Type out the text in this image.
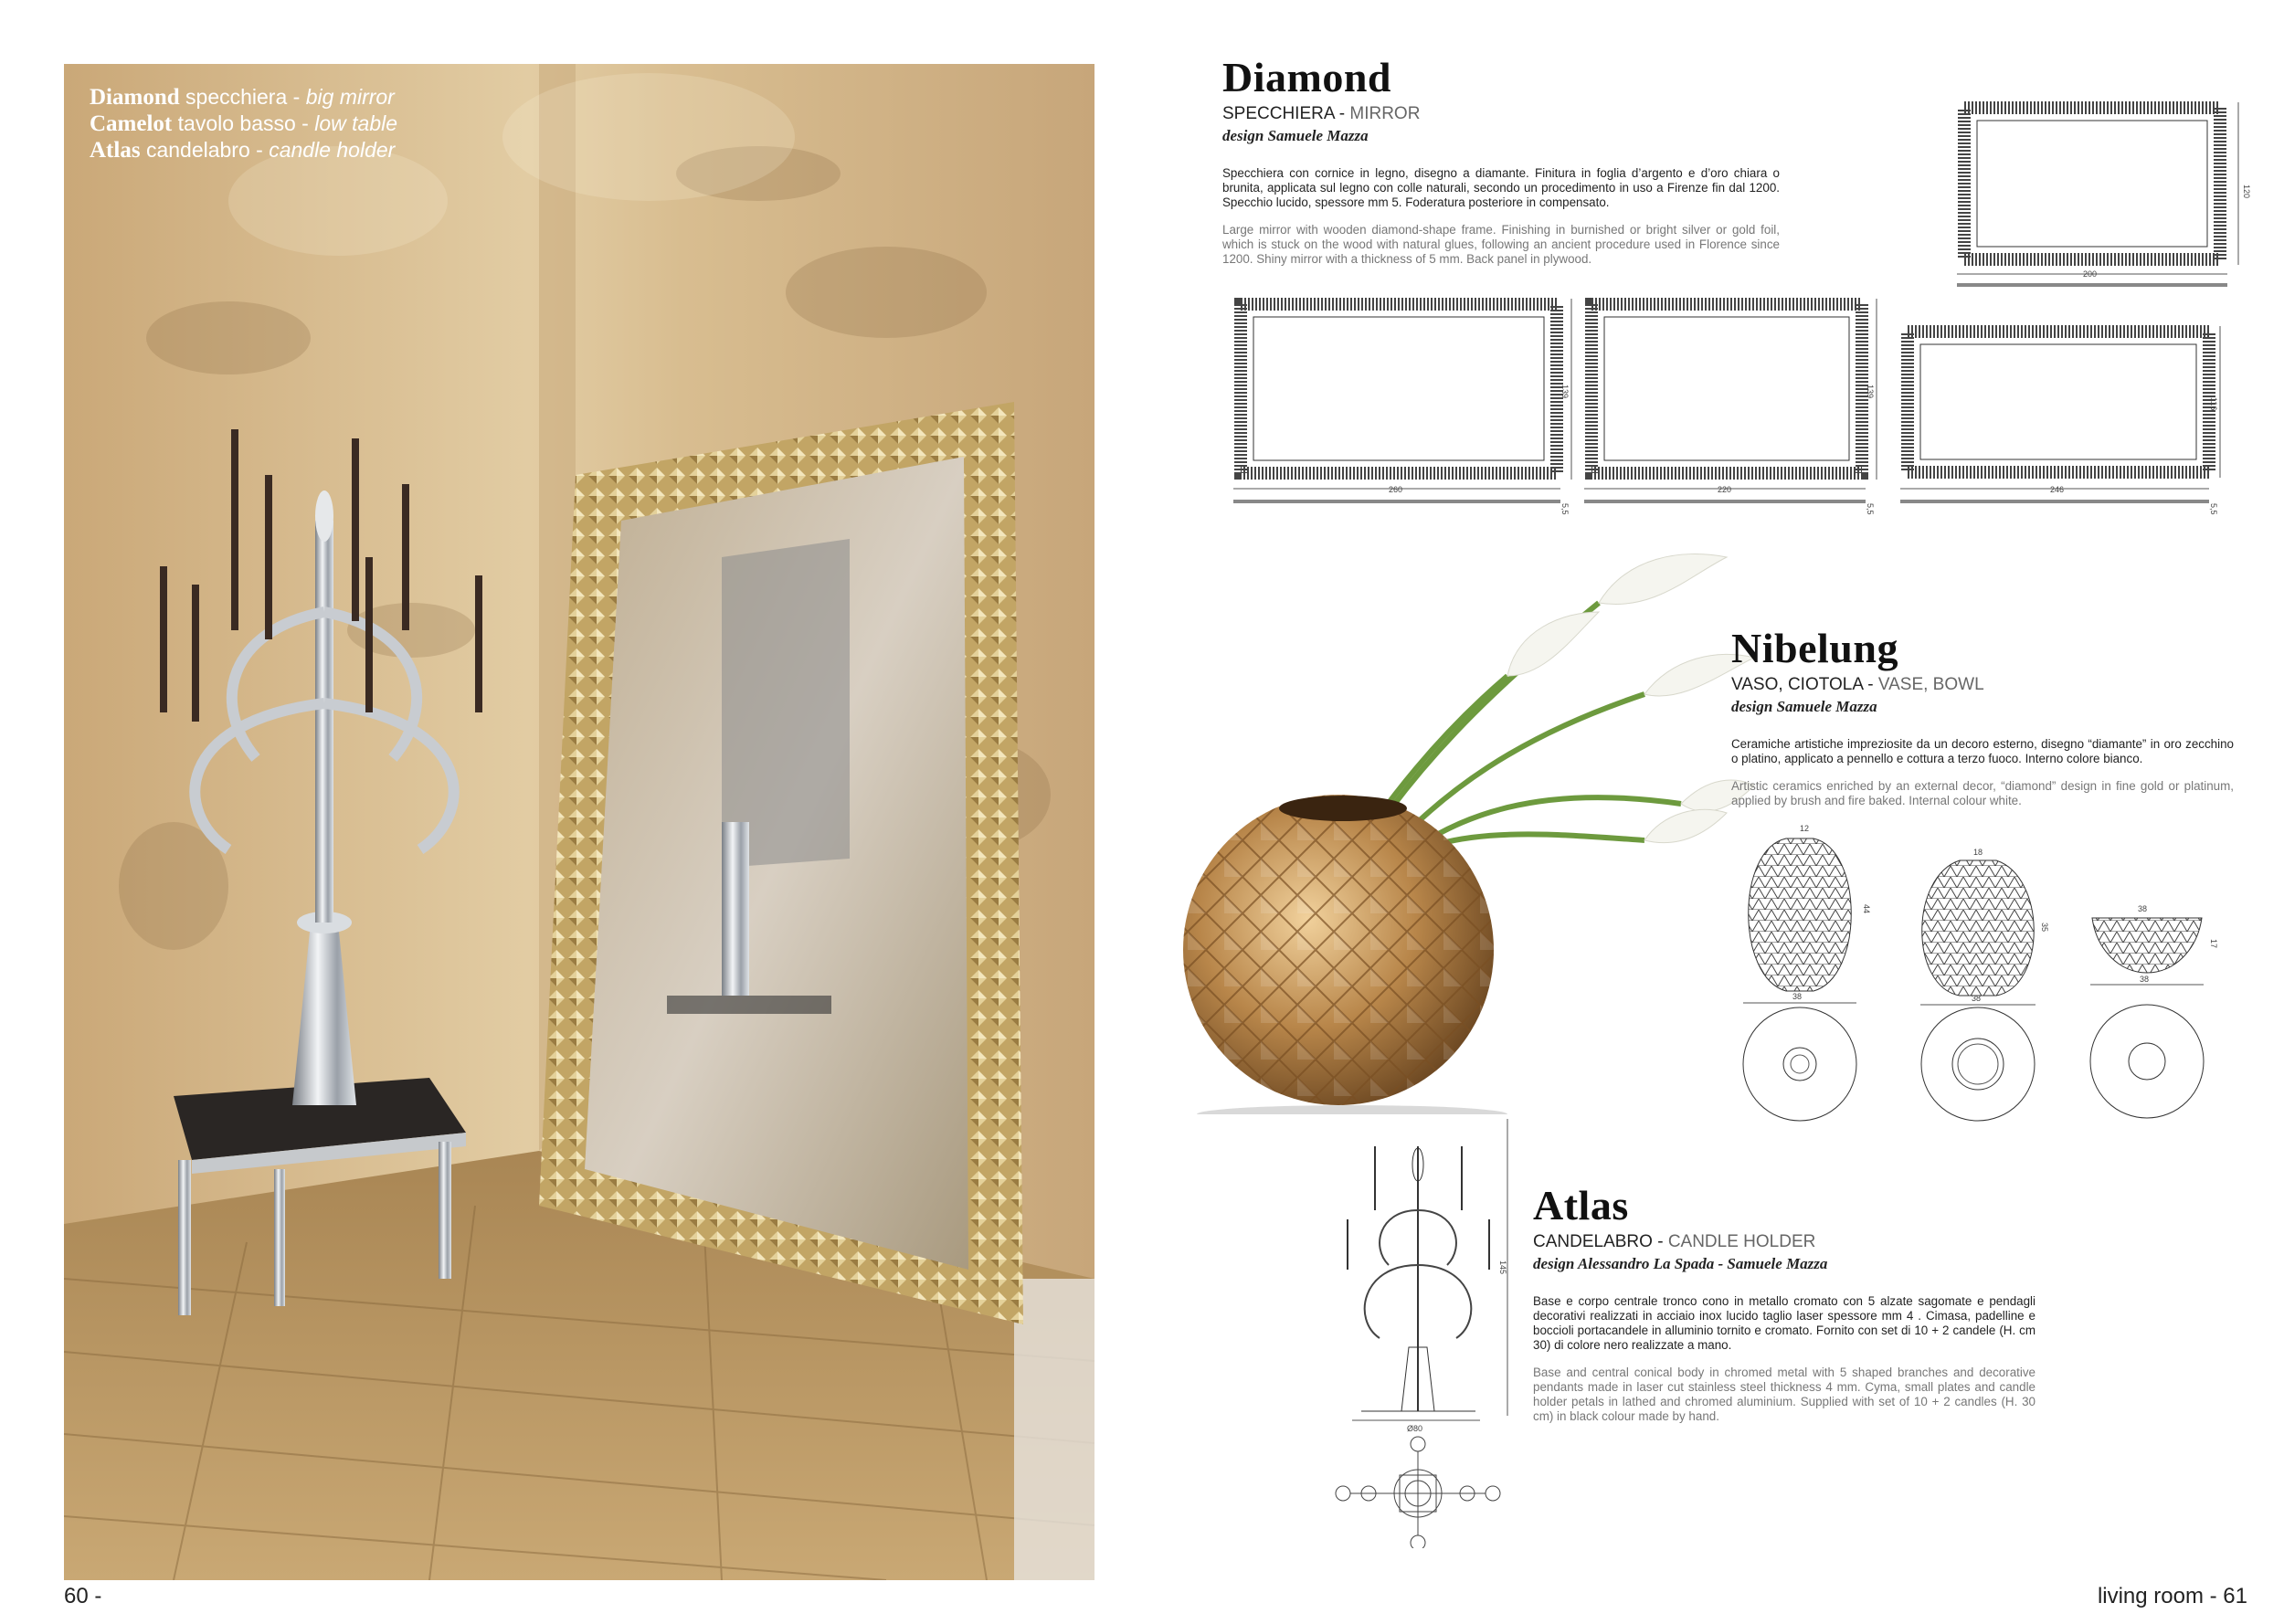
Diamond specchiera - big mirror
Camelot tavolo basso - low table
Atlas candelabro - candle holder
Diamond
SPECCHIERA - MIRROR
design Samuele Mazza
Specchiera con cornice in legno, disegno a diamante. Finitura in foglia d’argento e d’oro chiara o brunita, applicata sul legno con colle naturali, secondo un procedimento in uso a Firenze fin dal 1200. Specchio lucido, spessore mm 5. Foderatura posteriore in compensato.
Large mirror with wooden diamond-shape frame. Finishing in burnished or bright silver or gold foil, which is stuck on the wood with natural glues, following an ancient procedure used in Florence since 1200. Shiny mirror with a thickness of 5 mm. Back panel in plywood.
120
200
139
260
5,5
139
220
5,5
116
246
5,5
Nibelung
VASO, CIOTOLA - VASE, BOWL
design Samuele Mazza
Ceramiche artistiche impreziosite da un decoro esterno, disegno “diamante” in oro zecchino o platino, applicato a pennello e cottura a terzo fuoco. Interno colore bianco.
Artistic ceramics enriched by an external decor, “diamond” design in fine gold or platinum, applied by brush and fire baked. Internal colour white.
12
44
38
18
35
38
38
17
38
145
Ø80
Atlas
CANDELABRO - CANDLE HOLDER
design Alessandro La Spada - Samuele Mazza
Base e corpo centrale tronco cono in metallo cromato con 5 alzate sagomate e pendagli decorativi realizzati in acciaio inox lucido taglio laser spessore mm 4 . Cimasa, padelline e boccioli portacandele in alluminio tornito e cromato. Fornito con set di 10 + 2 candele (H. cm 30) di colore nero realizzate a mano.
Base and central conical body in chromed metal with 5 shaped branches and decorative pendants made in laser cut stainless steel thickness 4 mm. Cyma, small plates and candle holder petals in lathed and chromed aluminium. Supplied with set of 10 + 2 candles (H. 30 cm) in black colour made by hand.
60 -	living room - 61
